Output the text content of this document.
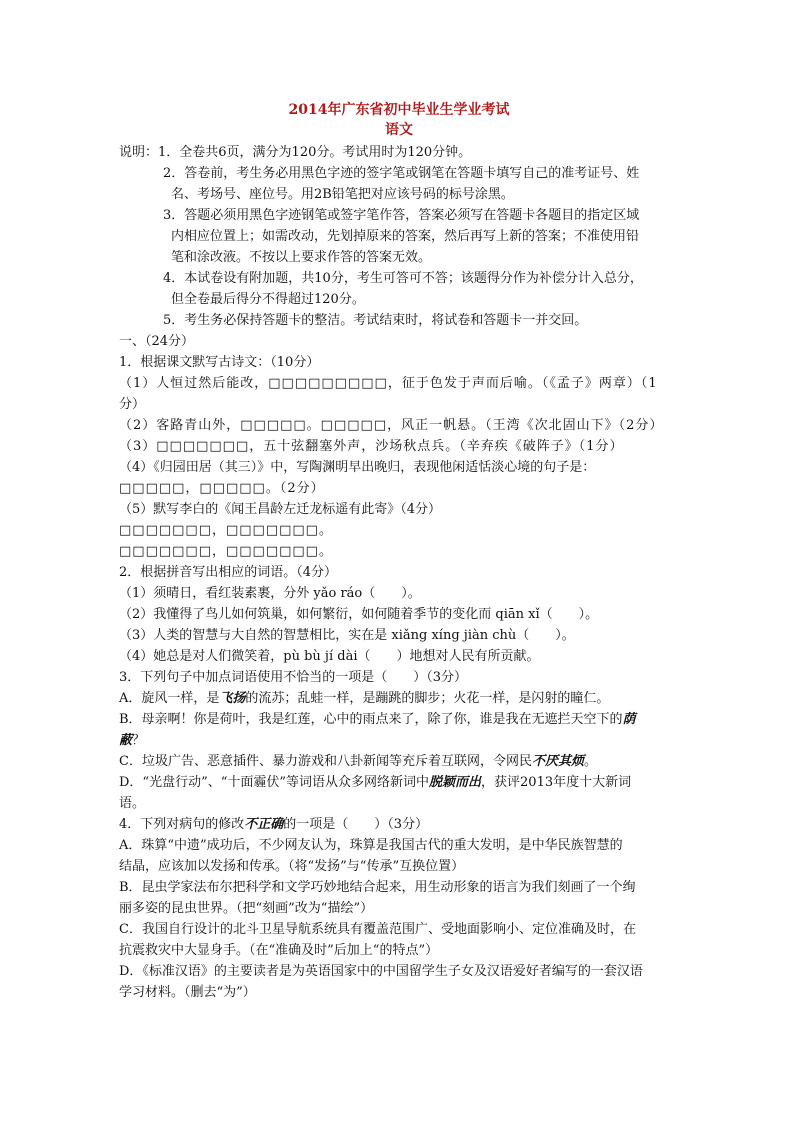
2014年广东省初中毕业生学业考试

语文

说明：1．全卷共6页，满分为120分。考试用时为120分钟。

2．答卷前，考生务必用黑色字迹的签字笔或钢笔在答题卡填写自己的准考证号、姓

名、考场号、座位号。用2B铅笔把对应该号码的标号涂黑。

3．答题必须用黑色字迹钢笔或签字笔作答，答案必须写在答题卡各题目的指定区域

内相应位置上；如需改动，先划掉原来的答案，然后再写上新的答案；不准使用铅

笔和涂改液。不按以上要求作答的答案无效。

4．本试卷设有附加题，共10分，考生可答可不答；该题得分作为补偿分计入总分，

但全卷最后得分不得超过120分。

5．考生务必保持答题卡的整洁。考试结束时，将试卷和答题卡一并交回。

一、（24分）

1．根据课文默写古诗文：（10分）

（1）人恒过然后能改，□□□□□□□□□，征于色发于声而后喻。（《孟子》两章）（1

分）

（2）客路青山外，□□□□□。□□□□□，风正一帆悬。（王湾《次北固山下》（2分）

（3）□□□□□□□，五十弦翻塞外声，沙场秋点兵。（辛弃疾《破阵子》（1分）

（4）《归园田居（其三）》中，写陶渊明早出晚归，表现他闲适恬淡心境的句子是：

□□□□□，□□□□□。（2分）

（5）默写李白的《闻王昌龄左迁龙标遥有此寄》（4分）

□□□□□□□，□□□□□□□。

□□□□□□□，□□□□□□□。

2．根据拼音写出相应的词语。（4分）

（1）须晴日，看红装素裹，分外 yǎo ráo（　　）。

（2）我懂得了鸟儿如何筑巢，如何繁衍，如何随着季节的变化而 qiān xǐ（　　）。

（3）人类的智慧与大自然的智慧相比，实在是 xiǎng xíng jiàn chù（　　）。

（4）她总是对人们微笑着，pù bù jí dài（　　）地想对人民有所贡献。

3．下列句子中加点词语使用不恰当的一项是（　　）（3分）

A．旋风一样，是飞扬的流苏；乱蛙一样，是蹦跳的脚步；火花一样，是闪射的瞳仁。

B．母亲啊！你是荷叶，我是红莲，心中的雨点来了，除了你，谁是我在无遮拦天空下的荫

蔽？

C．垃圾广告、恶意插件、暴力游戏和八卦新闻等充斥着互联网，令网民不厌其烦。

D．“光盘行动”、“十面霾伏”等词语从众多网络新词中脱颖而出，获评2013年度十大新词

语。

4．下列对病句的修改不正确的一项是（　　）（3分）

A．珠算“中遗”成功后，不少网友认为，珠算是我国古代的重大发明，是中华民族智慧的

结晶，应该加以发扬和传承。（将“发扬”与“传承”互换位置）

B．昆虫学家法布尔把科学和文学巧妙地结合起来，用生动形象的语言为我们刻画了一个绚

丽多姿的昆虫世界。（把“刻画”改为“描绘”）

C．我国自行设计的北斗卫星导航系统具有覆盖范围广、受地面影响小、定位准确及时，在

抗震救灾中大显身手。（在“准确及时”后加上“的特点”）

D．《标准汉语》的主要读者是为英语国家中的中国留学生子女及汉语爱好者编写的一套汉语

学习材料。（删去“为”）
